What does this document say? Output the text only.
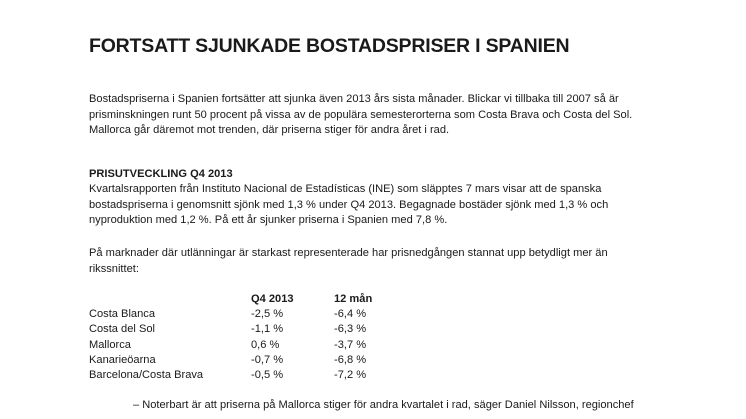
FORTSATT SJUNKADE BOSTADSPRISER I SPANIEN

Bostadspriserna i Spanien fortsätter att sjunka även 2013 års sista månader. Blickar vi tillbaka till 2007 så är
prisminskningen runt 50 procent på vissa av de populära semesterorterna som Costa Brava och Costa del Sol.
Mallorca går däremot mot trenden, där priserna stiger för andra året i rad.

PRISUTVECKLING Q4 2013

Kvartalsrapporten från Instituto Nacional de Estadísticas (INE) som släpptes 7 mars visar att de spanska
bostadspriserna i genomsnitt sjönk med 1,3 % under Q4 2013. Begagnade bostäder sjönk med 1,3 % och
nyproduktion med 1,2 %. På ett år sjunker priserna i Spanien med 7,8 %.

På marknader där utlänningar är starkast representerade har prisnedgången stannat upp betydligt mer än
rikssnittet:

	Q4 2013	12 mån
Costa Blanca	-2,5 %	-6,4 %
Costa del Sol	-1,1 %	-6,3 %
Mallorca	0,6 %	-3,7 %
Kanarieöarna	-0,7 %	-6,8 %
Barcelona/Costa Brava	-0,5 %	-7,2 %

– Noterbart är att priserna på Mallorca stiger för andra kvartalet i rad, säger Daniel Nilsson, regionchef
